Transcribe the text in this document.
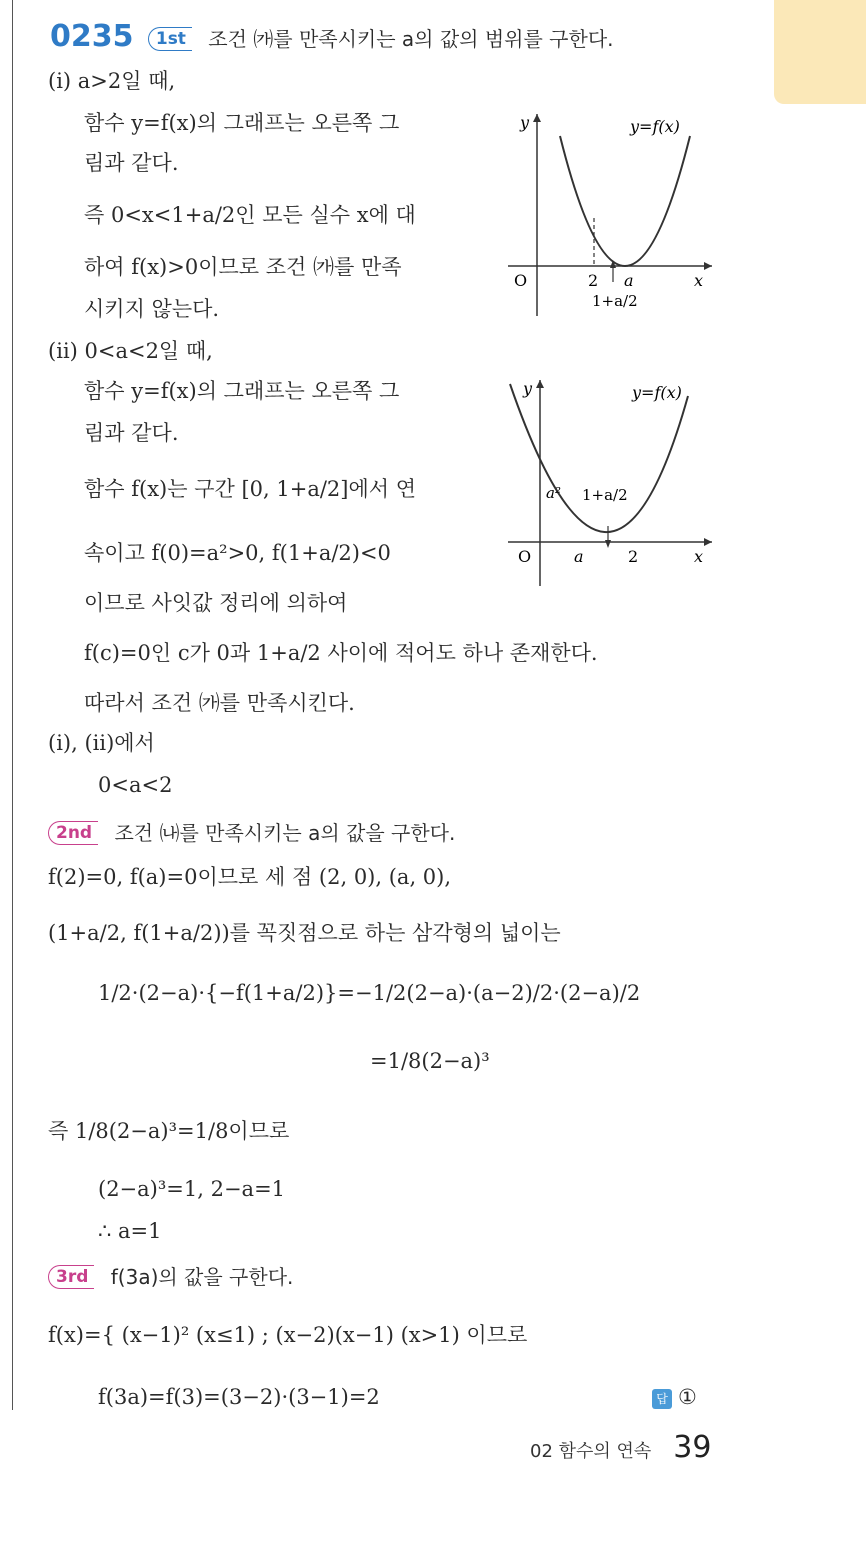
0235 1st 조건 ㈎를 만족시키는 a의 값의 범위를 구한다.
(ⅰ) a>2일 때,
함수 y=f(x)의 그래프는 오른쪽 그
림과 같다.
즉 0<x<1+a/2인 모든 실수 x에 대
하여 f(x)>0이므로 조건 ㈎를 만족
시키지 않는다.
y
x
O
y=f(x)
2 a
1+a/2
(ⅱ) 0<a<2일 때,
함수 y=f(x)의 그래프는 오른쪽 그
림과 같다.
함수 f(x)는 구간 [0, 1+a/2]에서 연
속이고 f(0)=a²>0, f(1+a/2)<0
이므로 사잇값 정리에 의하여
f(c)=0인 c가 0과 1+a/2 사이에 적어도 하나 존재한다.
따라서 조건 ㈎를 만족시킨다.
y
x
O
y=f(x)
a² 1+a/2
a	2
(ⅰ), (ⅱ)에서
0<a<2
2nd 조건 ㈏를 만족시키는 a의 값을 구한다.
f(2)=0, f(a)=0이므로 세 점 (2, 0), (a, 0),
(1+a/2, f(1+a/2))를 꼭짓점으로 하는 삼각형의 넓이는
1/2·(2−a)·{−f(1+a/2)}=−1/2(2−a)·(a−2)/2·(2−a)/2
=1/8(2−a)³
즉 1/8(2−a)³=1/8이므로
(2−a)³=1, 2−a=1
∴ a=1
3rd f(3a)의 값을 구한다.
f(x)={ (x−1)² (x≤1) ; (x−2)(x−1) (x>1) 이므로
f(3a)=f(3)=(3−2)·(3−1)=2	답 ①
02 함수의 연속 39
